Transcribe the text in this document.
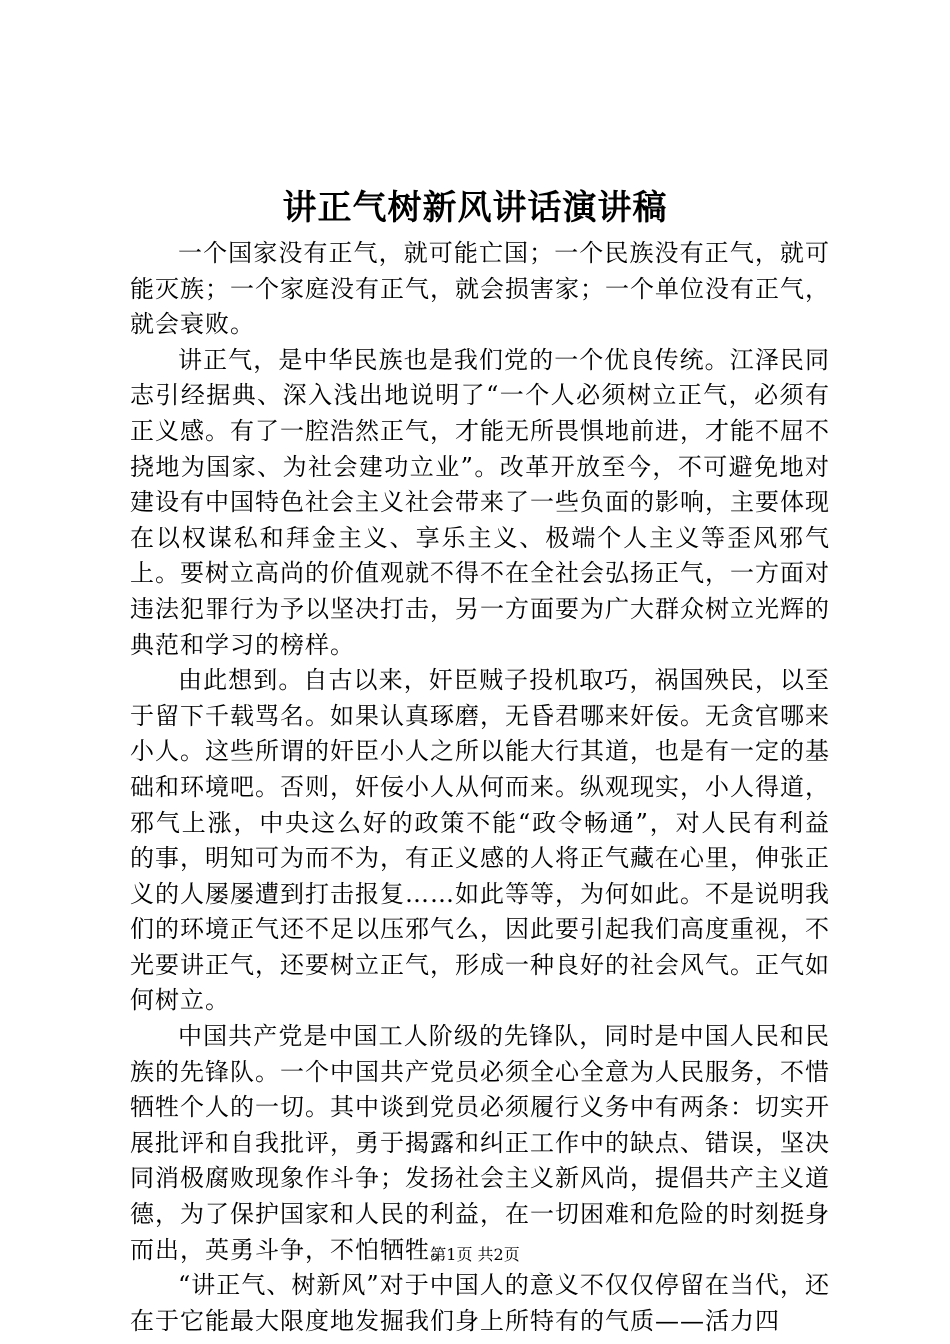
讲正气树新风讲话演讲稿

一个国家没有正气，就可能亡国；一个民族没有正气，就可能灭族；一个家庭没有正气，就会损害家；一个单位没有正气，就会衰败。

讲正气，是中华民族也是我们党的一个优良传统。江泽民同志引经据典、深入浅出地说明了“一个人必须树立正气，必须有正义感。有了一腔浩然正气，才能无所畏惧地前进，才能不屈不挠地为国家、为社会建功立业”。改革开放至今，不可避免地对建设有中国特色社会主义社会带来了一些负面的影响，主要体现在以权谋私和拜金主义、享乐主义、极端个人主义等歪风邪气上。要树立高尚的价值观就不得不在全社会弘扬正气，一方面对违法犯罪行为予以坚决打击，另一方面要为广大群众树立光辉的典范和学习的榜样。

由此想到。自古以来，奸臣贼子投机取巧，祸国殃民，以至于留下千载骂名。如果认真琢磨，无昏君哪来奸佞。无贪官哪来小人。这些所谓的奸臣小人之所以能大行其道，也是有一定的基础和环境吧。否则，奸佞小人从何而来。纵观现实，小人得道，邪气上涨，中央这么好的政策不能“政令畅通”，对人民有利益的事，明知可为而不为，有正义感的人将正气藏在心里，伸张正义的人屡屡遭到打击报复……如此等等，为何如此。不是说明我们的环境正气还不足以压邪气么，因此要引起我们高度重视，不光要讲正气，还要树立正气，形成一种良好的社会风气。正气如何树立。

中国共产党是中国工人阶级的先锋队，同时是中国人民和民族的先锋队。一个中国共产党员必须全心全意为人民服务，不惜牺牲个人的一切。其中谈到党员必须履行义务中有两条：切实开展批评和自我批评，勇于揭露和纠正工作中的缺点、错误，坚决同消极腐败现象作斗争；发扬社会主义新风尚，提倡共产主义道德，为了保护国家和人民的利益，在一切困难和危险的时刻挺身而出，英勇斗争，不怕牺牲。

“讲正气、树新风”对于中国人的意义不仅仅停留在当代，还在于它能最大限度地发掘我们身上所特有的气质——活力四

第1页 共2页
